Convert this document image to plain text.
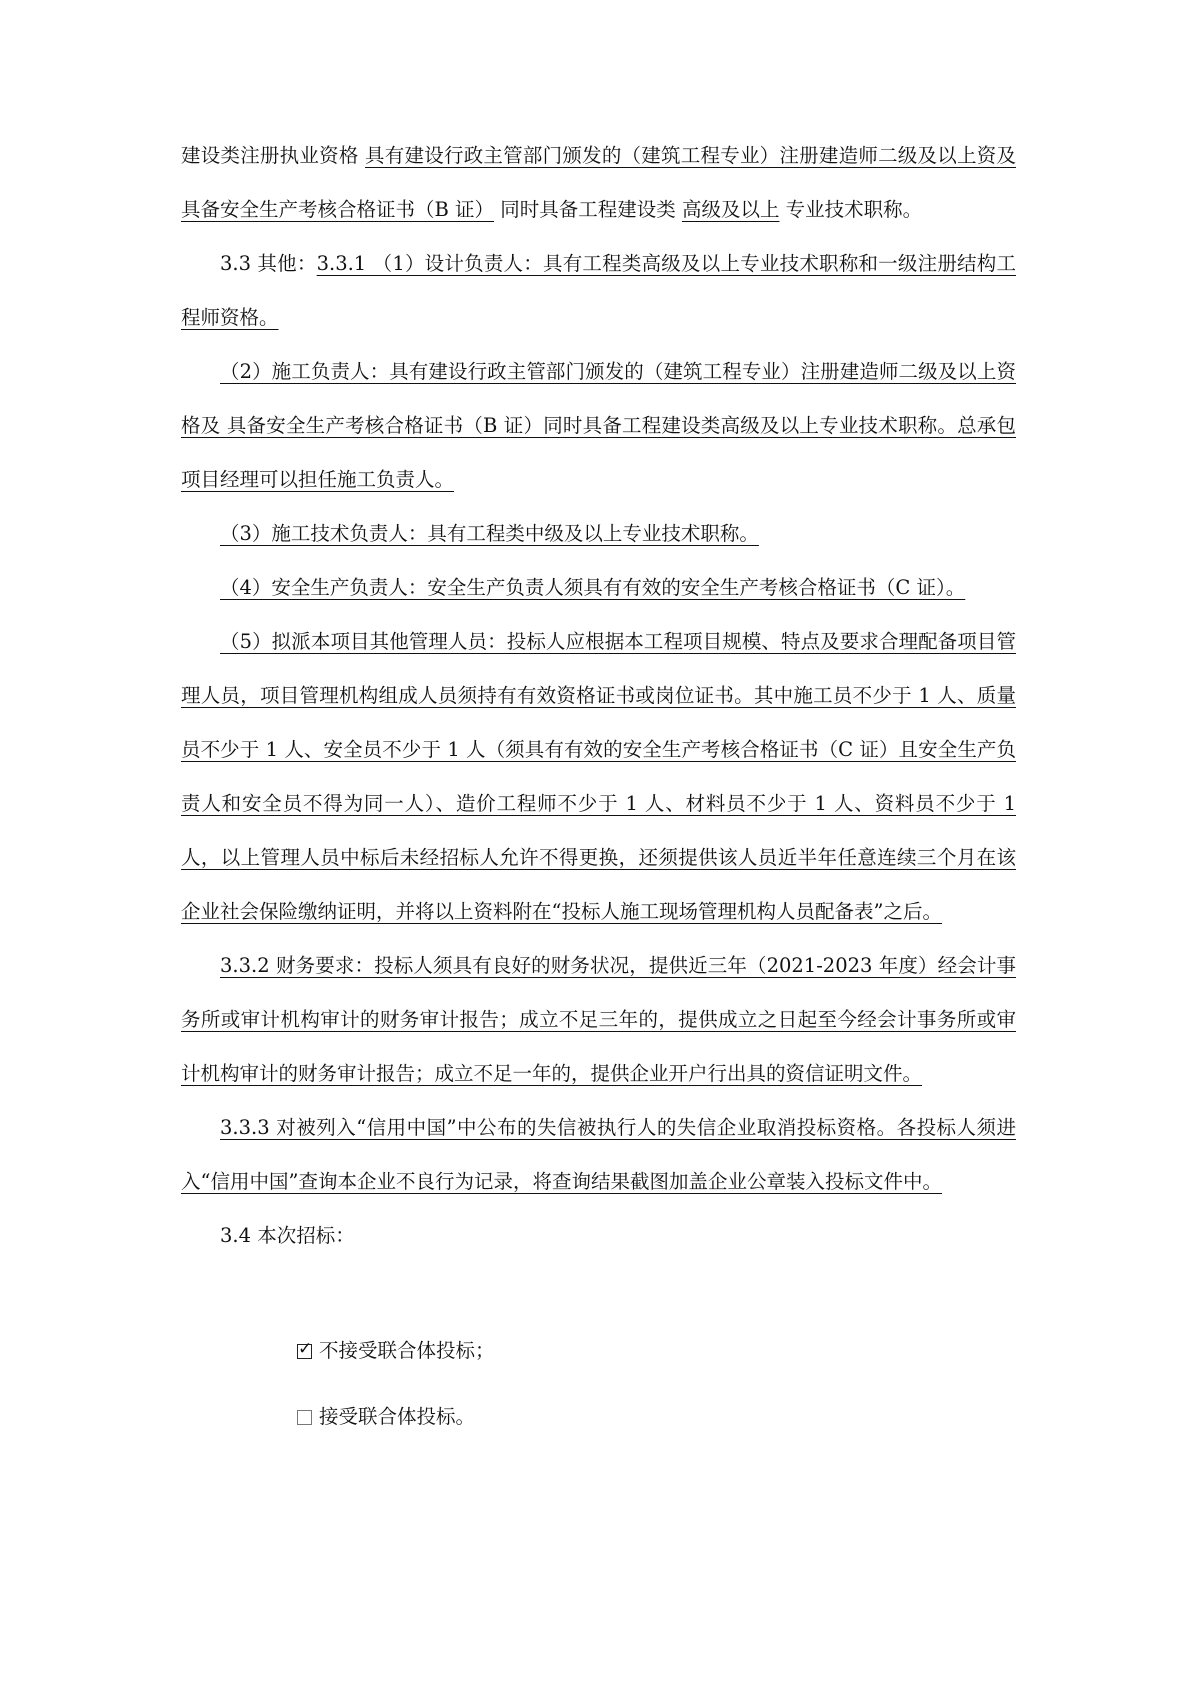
建设类注册执业资格 具有建设行政主管部门颁发的（建筑工程专业）注册建造师二级及以上资及具备安全生产考核合格证书（B 证） 同时具备工程建设类 高级及以上 专业技术职称。

3.3 其他：3.3.1 （1）设计负责人：具有工程类高级及以上专业技术职称和一级注册结构工程师资格。

（2）施工负责人：具有建设行政主管部门颁发的（建筑工程专业）注册建造师二级及以上资格及 具备安全生产考核合格证书（B 证）同时具备工程建设类高级及以上专业技术职称。总承包项目经理可以担任施工负责人。

（3）施工技术负责人：具有工程类中级及以上专业技术职称。

（4）安全生产负责人：安全生产负责人须具有有效的安全生产考核合格证书（C 证）。

（5）拟派本项目其他管理人员：投标人应根据本工程项目规模、特点及要求合理配备项目管理人员，项目管理机构组成人员须持有有效资格证书或岗位证书。其中施工员不少于 1 人、质量员不少于 1 人、安全员不少于 1 人（须具有有效的安全生产考核合格证书（C 证）且安全生产负责人和安全员不得为同一人）、造价工程师不少于 1 人、材料员不少于 1 人、资料员不少于 1 人，以上管理人员中标后未经招标人允许不得更换，还须提供该人员近半年任意连续三个月在该企业社会保险缴纳证明，并将以上资料附在“投标人施工现场管理机构人员配备表”之后。

3.3.2 财务要求：投标人须具有良好的财务状况，提供近三年（2021-2023 年度）经会计事务所或审计机构审计的财务审计报告；成立不足三年的，提供成立之日起至今经会计事务所或审计机构审计的财务审计报告；成立不足一年的，提供企业开户行出具的资信证明文件。

3.3.3 对被列入“信用中国”中公布的失信被执行人的失信企业取消投标资格。各投标人须进入“信用中国”查询本企业不良行为记录，将查询结果截图加盖企业公章装入投标文件中。

3.4 本次招标：

✓ 不接受联合体投标；
接受联合体投标。
